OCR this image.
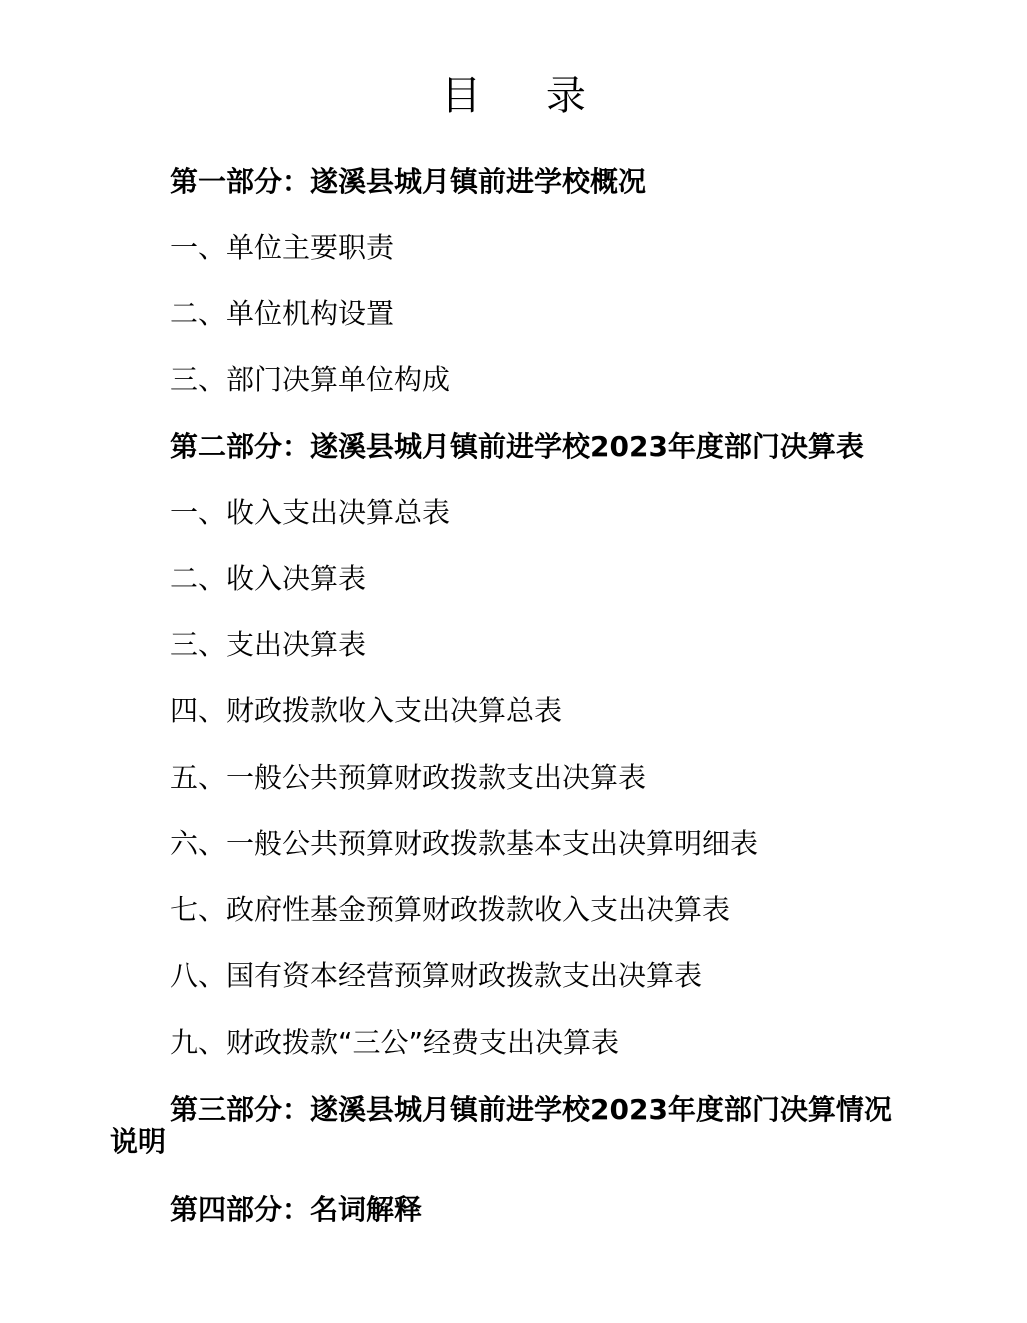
目 录

第一部分：遂溪县城月镇前进学校概况

一、单位主要职责

二、单位机构设置

三、部门决算单位构成

第二部分：遂溪县城月镇前进学校2023年度部门决算表

一、收入支出决算总表

二、收入决算表

三、支出决算表

四、财政拨款收入支出决算总表

五、一般公共预算财政拨款支出决算表

六、一般公共预算财政拨款基本支出决算明细表

七、政府性基金预算财政拨款收入支出决算表

八、国有资本经营预算财政拨款支出决算表

九、财政拨款“三公”经费支出决算表

第三部分：遂溪县城月镇前进学校2023年度部门决算情况说明

第四部分：名词解释
